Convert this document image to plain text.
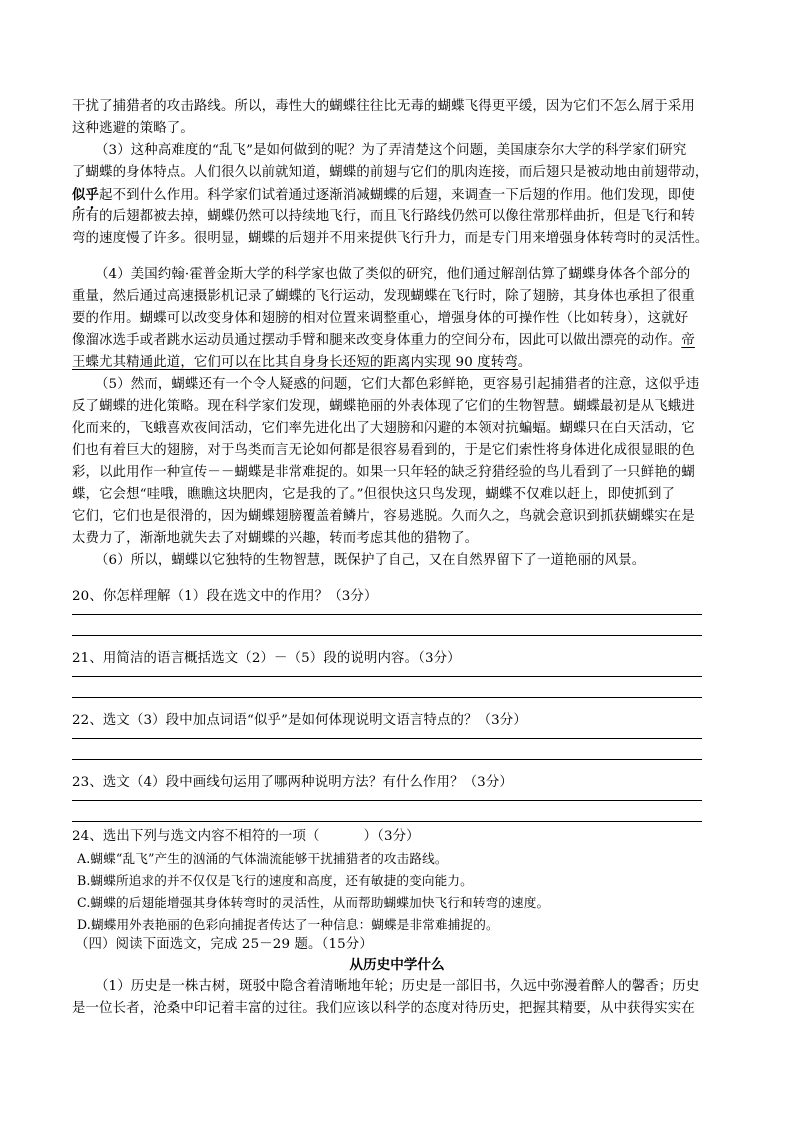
干扰了捕猎者的攻击路线。所以，毒性大的蝴蝶往往比无毒的蝴蝶飞得更平缓，因为它们不怎么屑于采用
这种逃避的策略了。
（3）这种高难度的“乱飞”是如何做到的呢？为了弄清楚这个问题，美国康奈尔大学的科学家们研究
了蝴蝶的身体特点。人们很久以前就知道，蝴蝶的前翅与它们的肌肉连接，而后翅只是被动地由前翅带动，
似乎起不到什么作用。科学家们试着通过逐渐消减蝴蝶的后翅，来调查一下后翅的作用。他们发现，即使
所有的后翅都被去掉，蝴蝶仍然可以持续地飞行，而且飞行路线仍然可以像往常那样曲折，但是飞行和转
弯的速度慢了许多。很明显，蝴蝶的后翅并不用来提供飞行升力，而是专门用来增强身体转弯时的灵活性。
（4）美国约翰·霍普金斯大学的科学家也做了类似的研究，他们通过解剖估算了蝴蝶身体各个部分的
重量，然后通过高速摄影机记录了蝴蝶的飞行运动，发现蝴蝶在飞行时，除了翅膀，其身体也承担了很重
要的作用。蝴蝶可以改变身体和翅膀的相对位置来调整重心，增强身体的可操作性（比如转身），这就好
像溜冰选手或者跳水运动员通过摆动手臂和腿来改变身体重力的空间分布，因此可以做出漂亮的动作。帝
王蝶尤其精通此道，它们可以在比其自身身长还短的距离内实现 90 度转弯。
（5）然而，蝴蝶还有一个令人疑惑的问题，它们大都色彩鲜艳，更容易引起捕猎者的注意，这似乎违
反了蝴蝶的进化策略。现在科学家们发现，蝴蝶艳丽的外表体现了它们的生物智慧。蝴蝶最初是从飞蛾进
化而来的，飞蛾喜欢夜间活动，它们率先进化出了大翅膀和闪避的本领对抗蝙蝠。蝴蝶只在白天活动，它
们也有着巨大的翅膀，对于鸟类而言无论如何都是很容易看到的，于是它们索性将身体进化成很显眼的色
彩，以此用作一种宣传－－蝴蝶是非常难捉的。如果一只年轻的缺乏狩猎经验的鸟儿看到了一只鲜艳的蝴
蝶，它会想“哇哦，瞧瞧这块肥肉，它是我的了。”但很快这只鸟发现，蝴蝶不仅难以赶上，即使抓到了
它们，它们也是很滑的，因为蝴蝶翅膀覆盖着鳞片，容易逃脱。久而久之，鸟就会意识到抓获蝴蝶实在是
太费力了，渐渐地就失去了对蝴蝶的兴趣，转而考虑其他的猎物了。
（6）所以，蝴蝶以它独特的生物智慧，既保护了自己，又在自然界留下了一道艳丽的风景。
20、你怎样理解（1）段在选文中的作用？（3分）
21、用简洁的语言概括选文（2）－（5）段的说明内容。（3分）
22、选文（3）段中加点词语“似乎”是如何体现说明文语言特点的？（3分）
23、选文（4）段中画线句运用了哪两种说明方法？有什么作用？（3分）
24、选出下列与选文内容不相符的一项（          ）（3分）
A.蝴蝶“乱飞”产生的汹涌的气体湍流能够干扰捕猎者的攻击路线。
B.蝴蝶所追求的并不仅仅是飞行的速度和高度，还有敏捷的变向能力。
C.蝴蝶的后翅能增强其身体转弯时的灵活性，从而帮助蝴蝶加快飞行和转弯的速度。
D.蝴蝶用外表艳丽的色彩向捕捉者传达了一种信息：蝴蝶是非常难捕捉的。
（四）阅读下面选文，完成 25－29 题。（15分）
从历史中学什么
（1）历史是一株古树，斑驳中隐含着清晰地年轮；历史是一部旧书，久远中弥漫着醉人的馨香；历史
是一位长者，沧桑中印记着丰富的过往。我们应该以科学的态度对待历史，把握其精要，从中获得实实在
